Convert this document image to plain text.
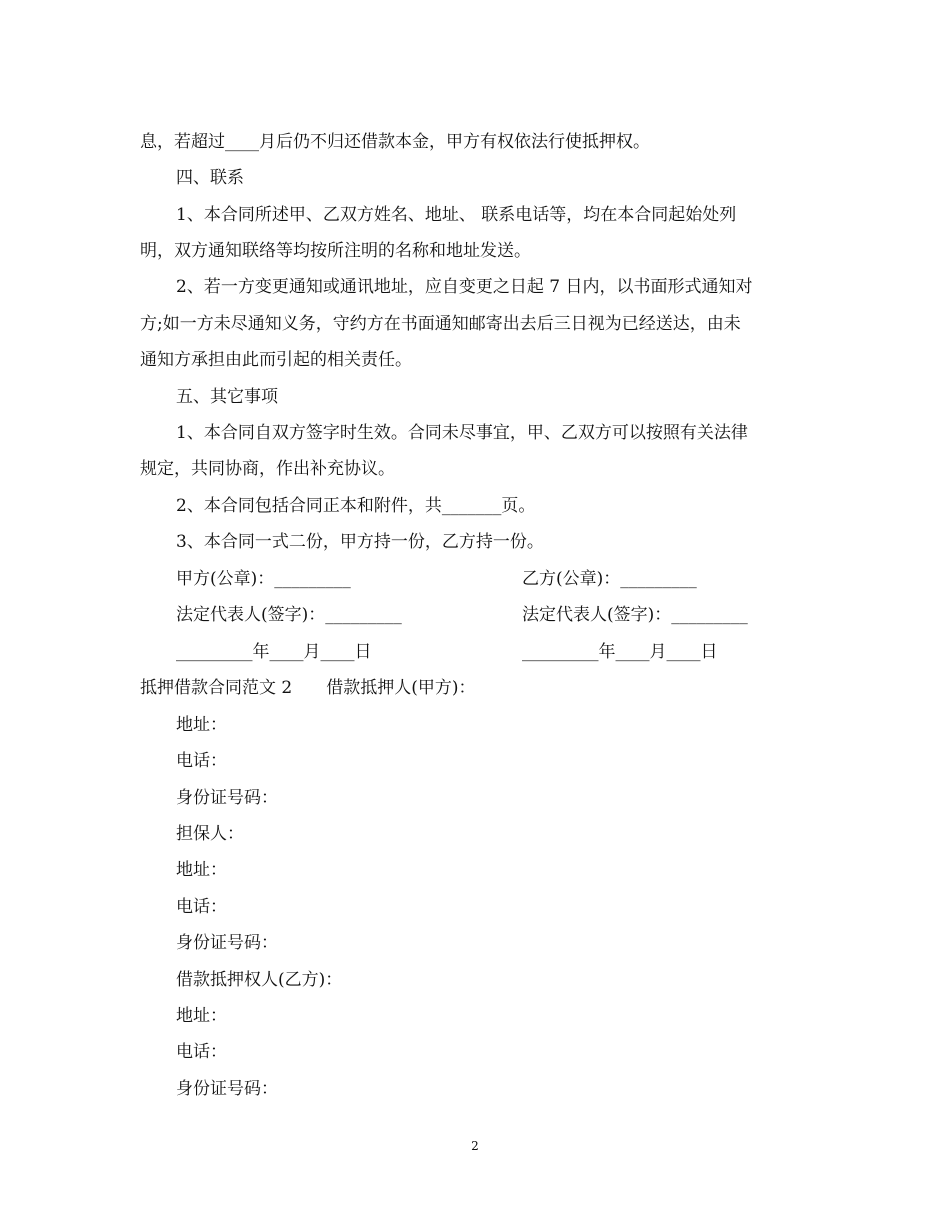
息，若超过____月后仍不归还借款本金，甲方有权依法行使抵押权。
四、联系
1、本合同所述甲、乙双方姓名、地址、 联系电话等，均在本合同起始处列
明，双方通知联络等均按所注明的名称和地址发送。
2、若一方变更通知或通讯地址，应自变更之日起 7 日内，以书面形式通知对
方;如一方未尽通知义务，守约方在书面通知邮寄出去后三日视为已经送达，由未
通知方承担由此而引起的相关责任。
五、其它事项
1、本合同自双方签字时生效。合同未尽事宜，甲、乙双方可以按照有关法律
规定，共同协商，作出补充协议。
2、本合同包括合同正本和附件，共_______页。
3、本合同一式二份，甲方持一份，乙方持一份。
甲方(公章)：_________	乙方(公章)：_________
法定代表人(签字)：_________	法定代表人(签字)：_________
_________年____月____日	_________年____月____日
抵押借款合同范文 2　　借款抵押人(甲方)：
地址：
电话：
身份证号码：
担保人：
地址：
电话：
身份证号码：
借款抵押权人(乙方)：
地址：
电话：
身份证号码：
2
